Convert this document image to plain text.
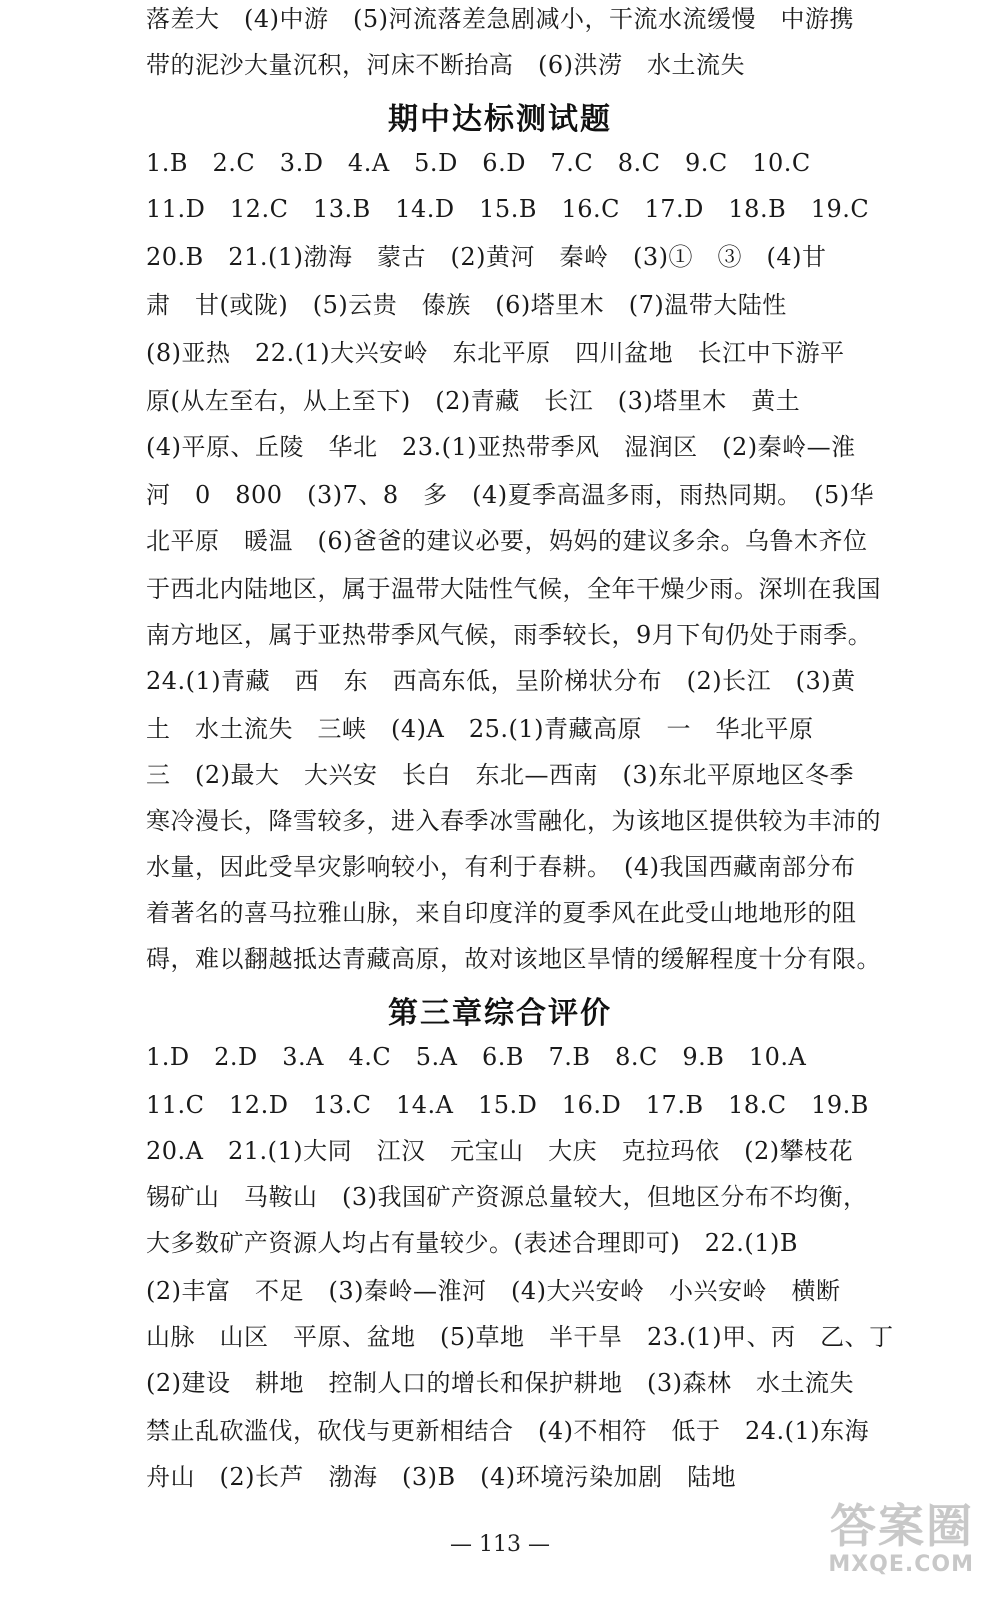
落差大　(4)中游　(5)河流落差急剧减小，干流水流缓慢　中游携
带的泥沙大量沉积，河床不断抬高　(6)洪涝　水土流失
期中达标测试题
1.B　2.C　3.D　4.A　5.D　6.D　7.C　8.C　9.C　10.C
11.D　12.C　13.B　14.D　15.B　16.C　17.D　18.B　19.C
20.B　21.(1)渤海　蒙古　(2)黄河　秦岭　(3)①　③　(4)甘
肃　甘(或陇)　(5)云贵　傣族　(6)塔里木　(7)温带大陆性
(8)亚热　22.(1)大兴安岭　东北平原　四川盆地　长江中下游平
原(从左至右，从上至下)　(2)青藏　长江　(3)塔里木　黄土
(4)平原、丘陵　华北　23.(1)亚热带季风　湿润区　(2)秦岭—淮
河　0　800　(3)7、8　多　(4)夏季高温多雨，雨热同期。　(5)华
北平原　暖温　(6)爸爸的建议必要，妈妈的建议多余。乌鲁木齐位
于西北内陆地区，属于温带大陆性气候，全年干燥少雨。深圳在我国
南方地区，属于亚热带季风气候，雨季较长，9月下旬仍处于雨季。
24.(1)青藏　西　东　西高东低，呈阶梯状分布　(2)长江　(3)黄
土　水土流失　三峡　(4)A　25.(1)青藏高原　一　华北平原
三　(2)最大　大兴安　长白　东北—西南　(3)东北平原地区冬季
寒冷漫长，降雪较多，进入春季冰雪融化，为该地区提供较为丰沛的
水量，因此受旱灾影响较小，有利于春耕。　(4)我国西藏南部分布
着著名的喜马拉雅山脉，来自印度洋的夏季风在此受山地地形的阻
碍，难以翻越抵达青藏高原，故对该地区旱情的缓解程度十分有限。
第三章综合评价
1.D　2.D　3.A　4.C　5.A　6.B　7.B　8.C　9.B　10.A
11.C　12.D　13.C　14.A　15.D　16.D　17.B　18.C　19.B
20.A　21.(1)大同　江汉　元宝山　大庆　克拉玛依　(2)攀枝花
锡矿山　马鞍山　(3)我国矿产资源总量较大，但地区分布不均衡，
大多数矿产资源人均占有量较少。(表述合理即可)　22.(1)B
(2)丰富　不足　(3)秦岭—淮河　(4)大兴安岭　小兴安岭　横断
山脉　山区　平原、盆地　(5)草地　半干旱　23.(1)甲、丙　乙、丁
(2)建设　耕地　控制人口的增长和保护耕地　(3)森林　水土流失
禁止乱砍滥伐，砍伐与更新相结合　(4)不相符　低于　24.(1)东海
舟山　(2)长芦　渤海　(3)B　(4)环境污染加剧　陆地
— 113 —	答案圈
MXQE.COM
